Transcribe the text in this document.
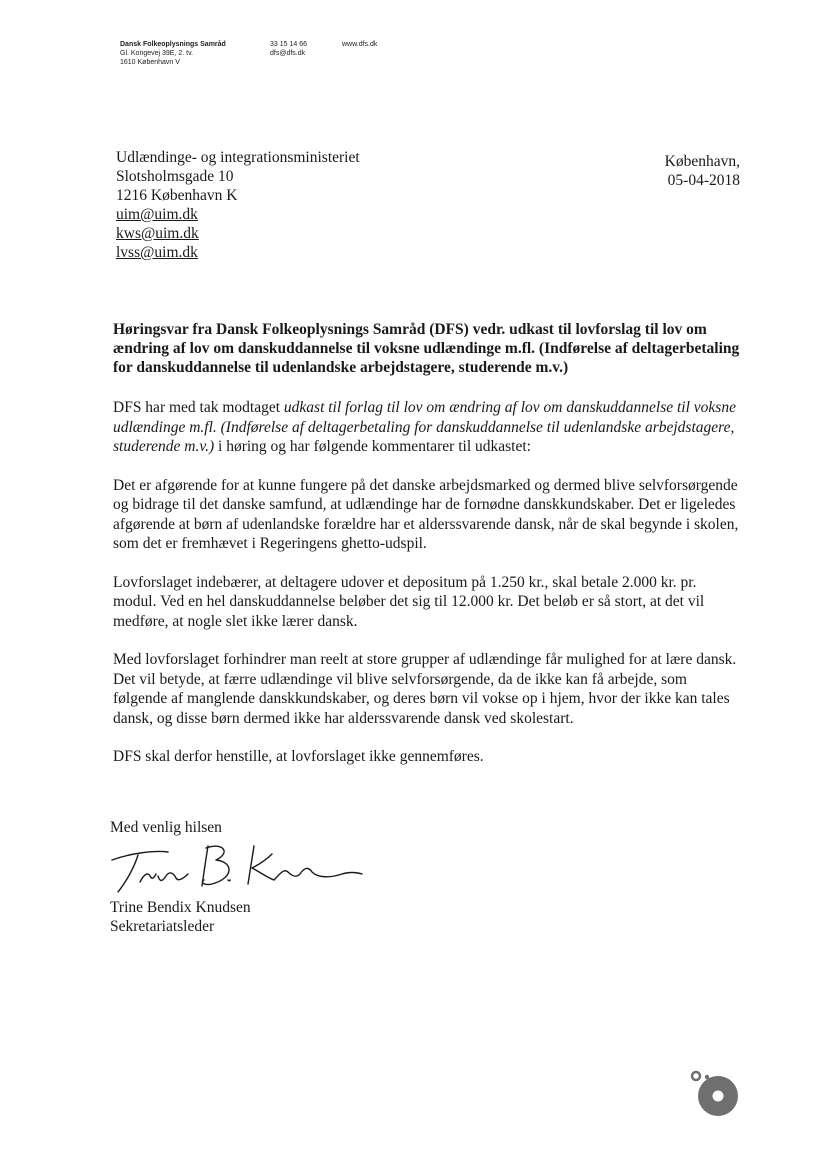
Dansk Folkeoplysnings Samråd
Gl. Kongevej 39E, 2. tv.
1610 København V
33 15 14 66
dfs@dfs.dk
www.dfs.dk
Udlændinge- og integrationsministeriet
Slotsholmsgade 10
1216 København K
uim@uim.dk
kws@uim.dk
lvss@uim.dk
København,
05-04-2018
Høringsvar fra Dansk Folkeoplysnings Samråd (DFS) vedr. udkast til lovforslag til lov om ændring af lov om danskuddannelse til voksne udlændinge m.fl. (Indførelse af deltagerbetaling for danskuddannelse til udenlandske arbejdstagere, studerende m.v.)

DFS har med tak modtaget udkast til forlag til lov om ændring af lov om danskuddannelse til voksne udlændinge m.fl. (Indførelse af deltagerbetaling for danskuddannelse til udenlandske arbejdstagere, studerende m.v.) i høring og har følgende kommentarer til udkastet:

Det er afgørende for at kunne fungere på det danske arbejdsmarked og dermed blive selvforsørgende og bidrage til det danske samfund, at udlændinge har de fornødne danskkundskaber. Det er ligeledes afgørende at børn af udenlandske forældre har et alderssvarende dansk, når de skal begynde i skolen, som det er fremhævet i Regeringens ghetto-udspil.

Lovforslaget indebærer, at deltagere udover et depositum på 1.250 kr., skal betale 2.000 kr. pr. modul. Ved en hel danskuddannelse beløber det sig til 12.000 kr. Det beløb er så stort, at det vil medføre, at nogle slet ikke lærer dansk.

Med lovforslaget forhindrer man reelt at store grupper af udlændinge får mulighed for at lære dansk. Det vil betyde, at færre udlændinge vil blive selvforsørgende, da de ikke kan få arbejde, som følgende af manglende danskkundskaber, og deres børn vil vokse op i hjem, hvor der ikke kan tales dansk, og disse børn dermed ikke har alderssvarende dansk ved skolestart.

DFS skal derfor henstille, at lovforslaget ikke gennemføres.

Med venlig hilsen
Trine Bendix Knudsen
Sekretariatsleder
